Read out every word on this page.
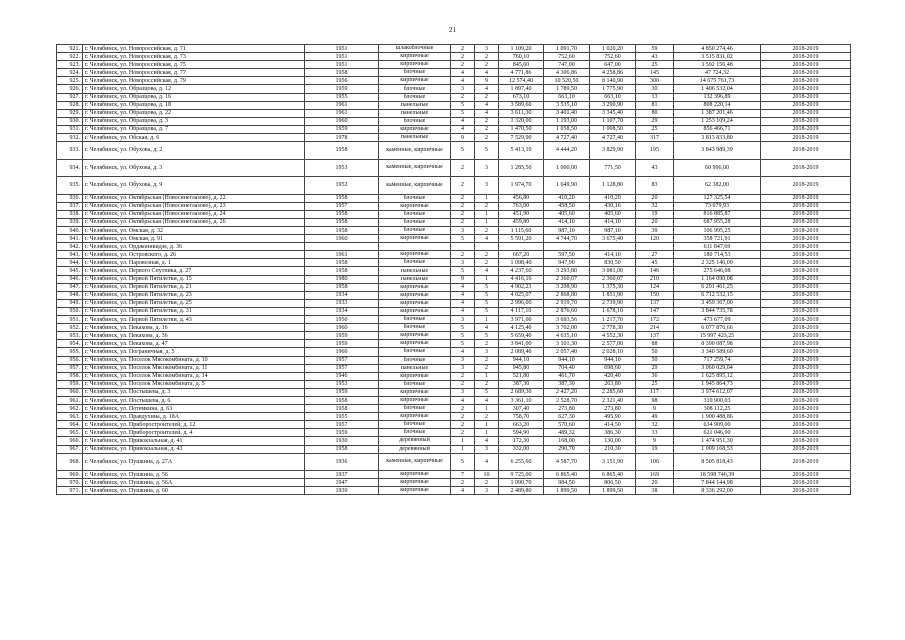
21
921.	г. Челябинск, ул. Новороссийская, д. 71	1951	шлакоблочные	2	3	1 109,20	1 091,70	1 020,20	59	4 850 274,46	2018-2019
922.	г. Челябинск, ул. Новороссийская, д. 73	1951	кирпичные	2	2	760,10	752,60	752,60	43	3 515 831,02	2018-2019
923.	г. Челябинск, ул. Новороссийская, д. 75	1951	кирпичные	2	2	845,60	747,00	647,00	25	3 592 156,48	2018-2019
924.	г. Челябинск, ул. Новороссийская, д. 77	1958	блочные	4	4	4 771,86	4 306,86	4 258,86	145	47 724,32	2018-2019
925.	г. Челябинск, ул. Новороссийская, д. 79	1956	кирпичные	4	9	12 574,40	10 520,50	8 140,90	300	14 675 761,73	2018-2019
926.	г. Челябинск, ул. Образцова, д. 12	1959	блочные	3	4	1 897,40	1 789,50	1 775,90	30	1 406 532,04	2018-2019
927.	г. Челябинск, ул. Образцова, д. 16	1955	блочные	2	2	673,10	663,10	663,10	13	132 396,89	2018-2019
928.	г. Челябинск, ул. Образцова, д. 18	1961	панельные	5	4	3 589,60	3 535,10	3 290,90	81	808 220,14	2018-2019
929.	г. Челябинск, ул. Образцова, д. 22	1961	панельные	5	4	3 611,30	3 401,40	3 345,40	80	1 387 201,46	2018-2019
930.	г. Челябинск, ул. Образцова, д. 3	1960	блочные	4	2	1 320,00	1 193,00	1 107,70	29	1 253 109,24	2018-2019
931.	г. Челябинск, ул. Образцова, д. 7	1959	кирпичные	4	2	1 470,50	1 058,50	1 008,50	25	856 466,71	2018-2019
932.	г. Челябинск, ул. Обская, д. 6	1978	панельные	9	2	7 529,90	4 727,40	4 727,40	317	3 813 833,80	2018-2019
933.	г. Челябинск, ул. Обухова, д. 2	1958	каменные, кирпичные	5	5	5 413,10	4 444,20	3 829,90	195	3 843 989,39	2018-2019
934.	г. Челябинск, ул. Обухова, д. 3	1953	каменные, кирпичные	2	3	1 285,50	1 000,00	771,50	43	60 996,00	2018-2019
935.	г. Челябинск, ул. Обухова, д. 9	1952	каменные, кирпичные	2	3	1 974,70	1 649,90	1 128,80	83	62 382,00	2018-2019
936.	г. Челябинск, ул. Октябрьская (Новосинеглазово), д. 22	1958	блочные	2	1	456,80	410,20	410,20	20	127 325,54	2018-2019
937.	г. Челябинск, ул. Октябрьская (Новосинеглазово), д. 23	1957	кирпичные	2	2	763,00	458,50	430,16	32	73 079,93	2018-2019
938.	г. Челябинск, ул. Октябрьская (Новосинеглазово), д. 24	1958	блочные	2	1	451,90	405,60	405,60	19	816 885,87	2018-2019
939.	г. Челябинск, ул. Октябрьская (Новосинеглазово), д. 26	1958	блочные	2	1	459,80	414,10	414,10	20	687 955,28	2018-2019
940.	г. Челябинск, ул. Омская, д. 32	1958	блочные	3	2	1 115,60	987,10	987,10	39	106 995,25	2018-2019
941.	г. Челябинск, ул. Омская, д. 91	1960	кирпичные	5	4	5 591,20	4 744,70	3 675,40	120	358 721,91	2018-2019
942.	г. Челябинск, ул. Орджоникидзе, д. 36									611 847,69	2018-2019
943.	г. Челябинск, ул. Островского, д. 26	1961	кирпичные	2	2	667,20	597,50	414,10	27	180 714,53	2018-2019
944.	г. Челябинск, ул. Паровозная, д. 1	1958	блочные	3	2	1 098,40	947,90	830,50	45	2 325 146,09	2018-2019
945.	г. Челябинск, ул. Первого Спутника, д. 27	1958	панельные	5	4	4 237,60	3 293,80	3 081,00	146	275 646,08	2018-2019
946.	г. Челябинск, ул. Первой Пятилетки, д. 15	1980	панельные	9	1	4 416,16	2 360,07	2 360,07	210	1 164 090,08	2018-2019
947.	г. Челябинск, ул. Первой Пятилетки, д. 21	1958	кирпичные	4	5	4 902,23	3 208,90	1 375,30	124	6 291 461,25	2018-2019
948.	г. Челябинск, ул. Первой Пятилетки, д. 23	1934	кирпичные	4	5	4 025,07	2 868,80	1 851,90	150	6 712 532,15	2018-2019
949.	г. Челябинск, ул. Первой Пятилетки, д. 25	1933	кирпичные	4	5	2 996,00	2 919,70	2 739,90	137	3 459 367,00	2018-2019
950.	г. Челябинск, ул. Первой Пятилетки, д. 31	1934	кирпичные	4	5	4 117,10	2 876,60	1 678,10	147	3 844 735,78	2018-2019
951.	г. Челябинск, ул. Первой Пятилетки, д. 43	1950	блочные	3	1	3 971,00	3 693,56	1 217,70	172	473 677,09	2018-2019
952.	г. Челябинск, ул. Пекахова, д. 16	1960	блочные	5	4	4 125,40	3 702,00	2 778,30	214	6 077 876,66	2018-2019
953.	г. Челябинск, ул. Пекахова, д. 36	1959	кирпичные	5	5	5 659,40	4 635,10	4 552,30	137	15 997 423,25	2018-2019
954.	г. Челябинск, ул. Пекахова, д. 47	1959	кирпичные	5	2	3 841,00	3 101,30	2 577,00	88	8 390 087,98	2018-2019
955.	г. Челябинск, ул. Пограничная, д. 5	1960	блочные	4	3	2 089,40	2 057,40	2 028,10	50	3 340 589,60	2018-2019
956.	г. Челябинск, ул. Поселок Мясокомбината, д. 10	1957	блочные	3	2	944,10	944,10	944,10	50	717 259,74	2018-2019
957.	г. Челябинск, ул. Поселок Мясокомбината, д. 11	1957	панельные	3	2	945,80	704,40	698,60	29	3 060 029,04	2018-2019
958.	г. Челябинск, ул. Поселок Мясокомбината, д. 14	1946	кирпичные	2	1	521,80	461,70	420,40	36	1 625 895,12	2018-2019
959.	г. Челябинск, ул. Поселок Мясокомбината, д. 5	1953	блочные	2	2	387,30	387,30	263,80	25	1 945 864,73	2018-2019
960.	г. Челябинск, ул. Постышева, д. 3	1959	кирпичные	3	5	2 689,30	2 427,20	2 285,60	117	3 974 612,07	2018-2019
961.	г. Челябинск, ул. Постышева, д. 6	1958	кирпичные	4	4	3 361,10	2 528,70	2 321,40	98	310 900,03	2018-2019
962.	г. Челябинск, ул. Потемкина, д. 63	1958	блочные	2	1	307,40	273,80	273,80	9	308 112,25	2018-2019
963.	г. Челябинск, ул. Правдухина, д. 18А	1955	кирпичные	2	2	758,70	627,30	495,90	49	1 900 488,86	2018-2019
964.	г. Челябинск, ул. Приборостроителей, д. 12	1957	блочные	2	1	663,20	570,60	414,50	32	634 909,00	2018-2019
965.	г. Челябинск, ул. Приборостроителей, д. 4	1959	блочные	2	1	594,90	489,32	386,30	33	621 046,00	2018-2019
966.	г. Челябинск, ул. Привокзальная, д. 41	1930	деревянный	1	4	172,30	168,00	130,00	9	1 474 951,30	2018-2019
967.	г. Челябинск, ул. Привокзальная, д. 43	1958	деревянный	1	3	332,00	290,70	210,30	19	1 009 168,53	2018-2019
968.	г. Челябинск, ул. Пушкина, д. 27А	1936	каменные, кирпичные	5	4	6 255,60	4 587,70	3 151,90	106	8 505 818,43	2018-2019
969.	г. Челябинск, ул. Пушкина, д. 56	1937	кирпичные	7	10	9 725,00	6 865,40	6 865,40	169	18 598 746,39	2018-2019
970.	г. Челябинск, ул. Пушкина, д. 56А	1947	кирпичные	2	2	1 090,70	984,50	806,50	20	7 844 144,98	2018-2019
971.	г. Челябинск, ул. Пушкина, д. 60	1939	кирпичные	4	3	2 489,80	1 899,50	1 899,50	38	8 336 292,00	2018-2019
